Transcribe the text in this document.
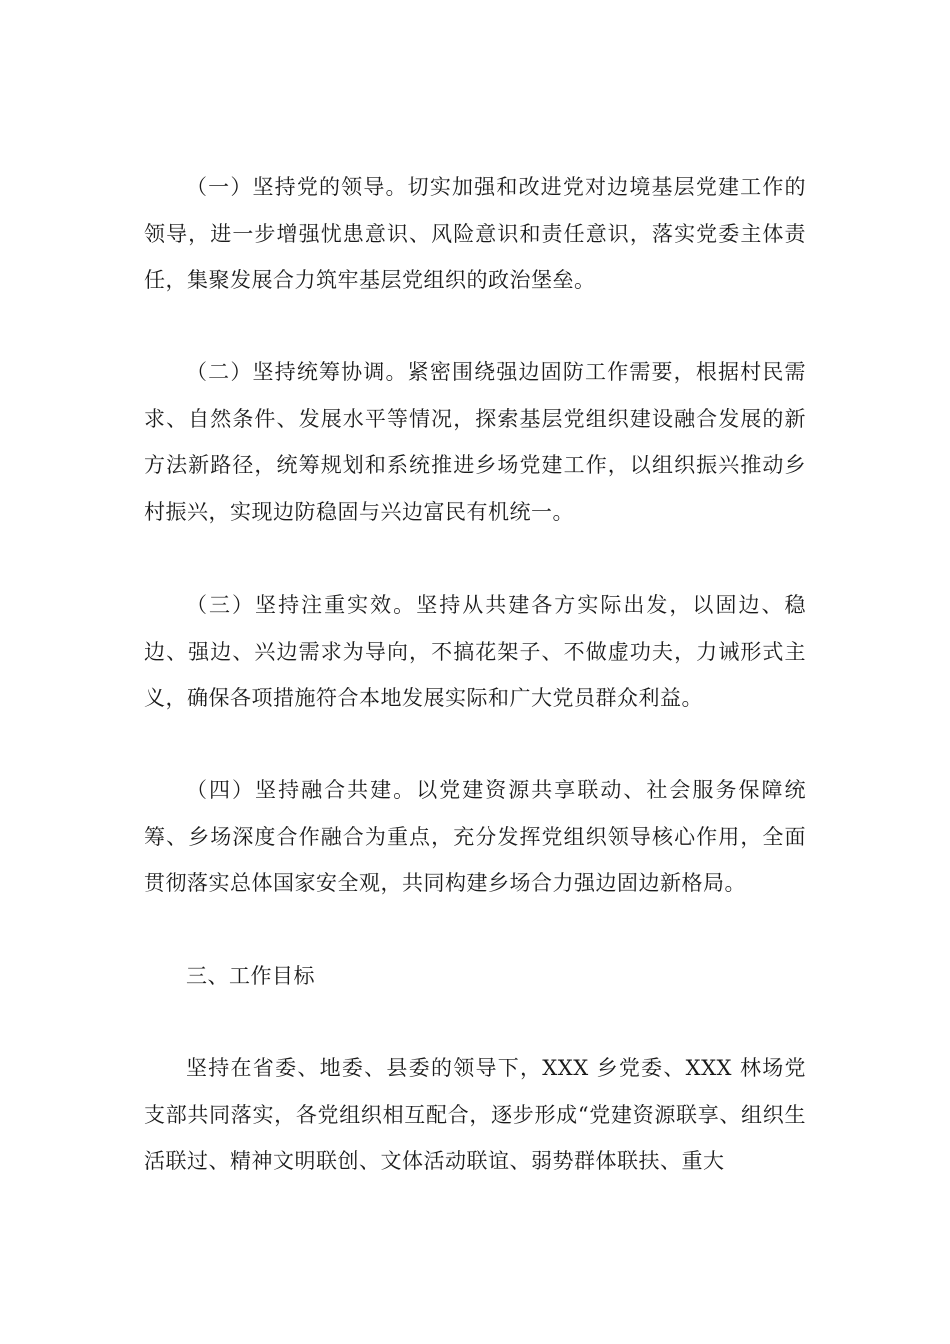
（一）坚持党的领导。切实加强和改进党对边境基层党建工作的领导，进一步增强忧患意识、风险意识和责任意识，落实党委主体责任，集聚发展合力筑牢基层党组织的政治堡垒。

（二）坚持统筹协调。紧密围绕强边固防工作需要，根据村民需求、自然条件、发展水平等情况，探索基层党组织建设融合发展的新方法新路径，统筹规划和系统推进乡场党建工作，以组织振兴推动乡村振兴，实现边防稳固与兴边富民有机统一。

（三）坚持注重实效。坚持从共建各方实际出发，以固边、稳边、强边、兴边需求为导向，不搞花架子、不做虚功夫，力诫形式主义，确保各项措施符合本地发展实际和广大党员群众利益。

（四）坚持融合共建。以党建资源共享联动、社会服务保障统筹、乡场深度合作融合为重点，充分发挥党组织领导核心作用，全面贯彻落实总体国家安全观，共同构建乡场合力强边固边新格局。

三、工作目标

坚持在省委、地委、县委的领导下，XXX 乡党委、XXX 林场党支部共同落实，各党组织相互配合，逐步形成“党建资源联享、组织生活联过、精神文明联创、文体活动联谊、弱势群体联扶、重大
